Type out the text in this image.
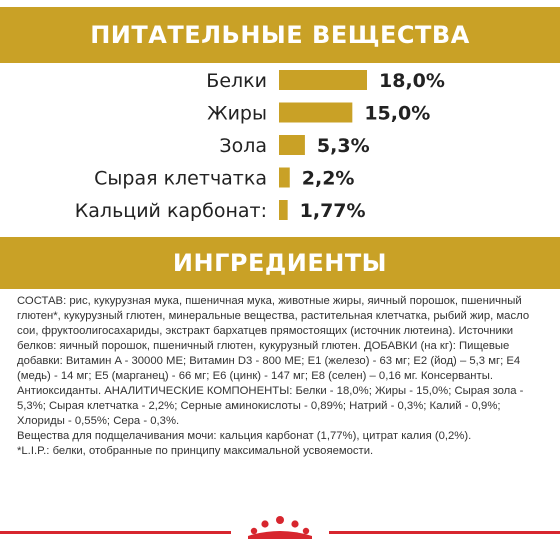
ПИТАТЕЛЬНЫЕ ВЕЩЕСТВА
Белки	18,0%
Жиры	15,0%
Зола	5,3%
Сырая клетчатка 2,2%
Кальций карбонат: 1,77%
ИНГРЕДИЕНТЫ

СОСТАВ: рис, кукурузная мука, пшеничная мука, животные жиры, яичный порошок, пшеничный глютен*, кукурузный глютен, минеральные вещества, растительная клетчатка, рыбий жир, масло сои, фруктоолигосахариды, экстракт бархатцев прямостоящих (источник лютеина). Источники белков: яичный порошок, пшеничный глютен, кукурузный глютен. ДОБАВКИ (на кг): Пищевые добавки: Витамин A - 30000 МЕ; Витамин D3 - 800 МЕ; E1 (железо) - 63 мг; E2 (йод) – 5,3 мг; E4 (медь) - 14 мг; E5 (марганец) - 66 мг; E6 (цинк) - 147 мг; E8 (селен) – 0,16 мг. Консерванты. Антиоксиданты. АНАЛИТИЧЕСКИЕ КОМПОНЕНТЫ: Белки - 18,0%; Жиры - 15,0%; Сырая зола - 5,3%; Сырая клетчатка - 2,2%; Серные аминокислоты - 0,89%; Натрий - 0,3%; Калий - 0,9%; Хлориды - 0,55%; Сера - 0,3%.

Вещества для подщелачивания мочи: кальция карбонат (1,77%), цитрат калия (0,2%).

*L.I.P.: белки, отобранные по принципу максимальной усвояемости.
